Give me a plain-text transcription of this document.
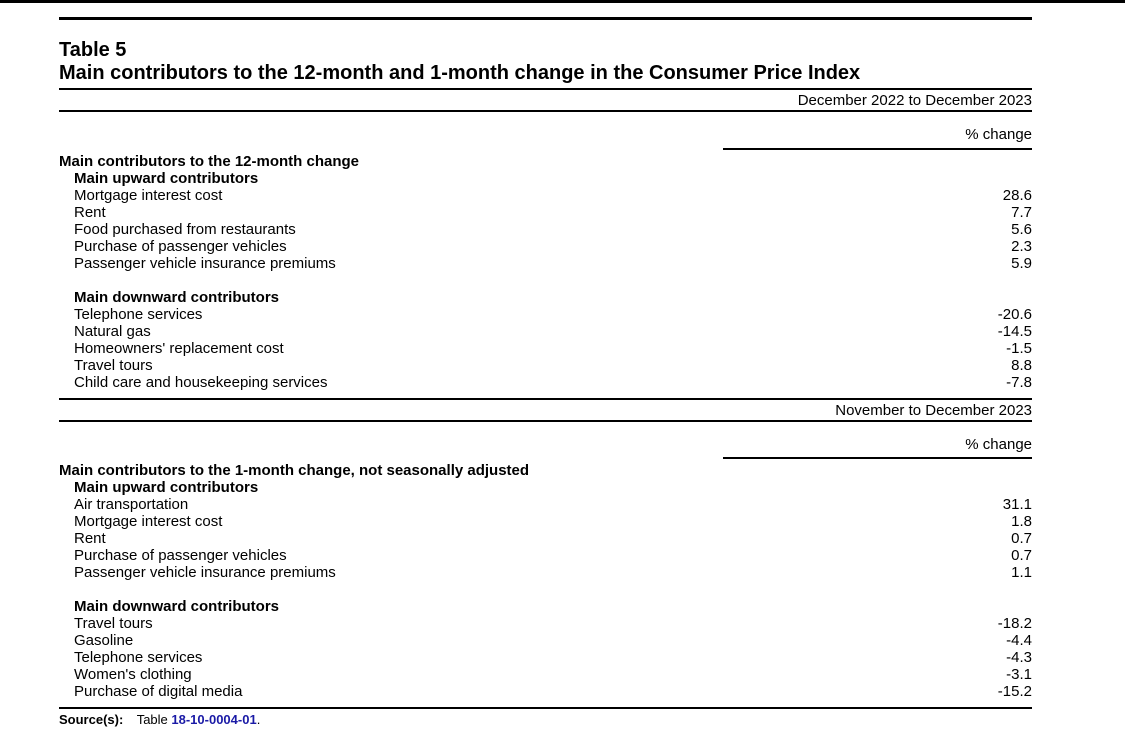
Table 5
Main contributors to the 12-month and 1-month change in the Consumer Price Index
December 2022 to December 2023
% change
Main contributors to the 12-month change
Main upward contributors
Mortgage interest cost	28.6
Rent	7.7
Food purchased from restaurants	5.6
Purchase of passenger vehicles	2.3
Passenger vehicle insurance premiums	5.9
Main downward contributors
Telephone services	-20.6
Natural gas	-14.5
Homeowners' replacement cost	-1.5
Travel tours	8.8
Child care and housekeeping services	-7.8
November to December 2023
% change
Main contributors to the 1-month change, not seasonally adjusted
Main upward contributors
Air transportation	31.1
Mortgage interest cost	1.8
Rent	0.7
Purchase of passenger vehicles	0.7
Passenger vehicle insurance premiums	1.1
Main downward contributors
Travel tours	-18.2
Gasoline	-4.4
Telephone services	-4.3
Women's clothing	-3.1
Purchase of digital media	-15.2
Source(s): Table 18-10-0004-01.
